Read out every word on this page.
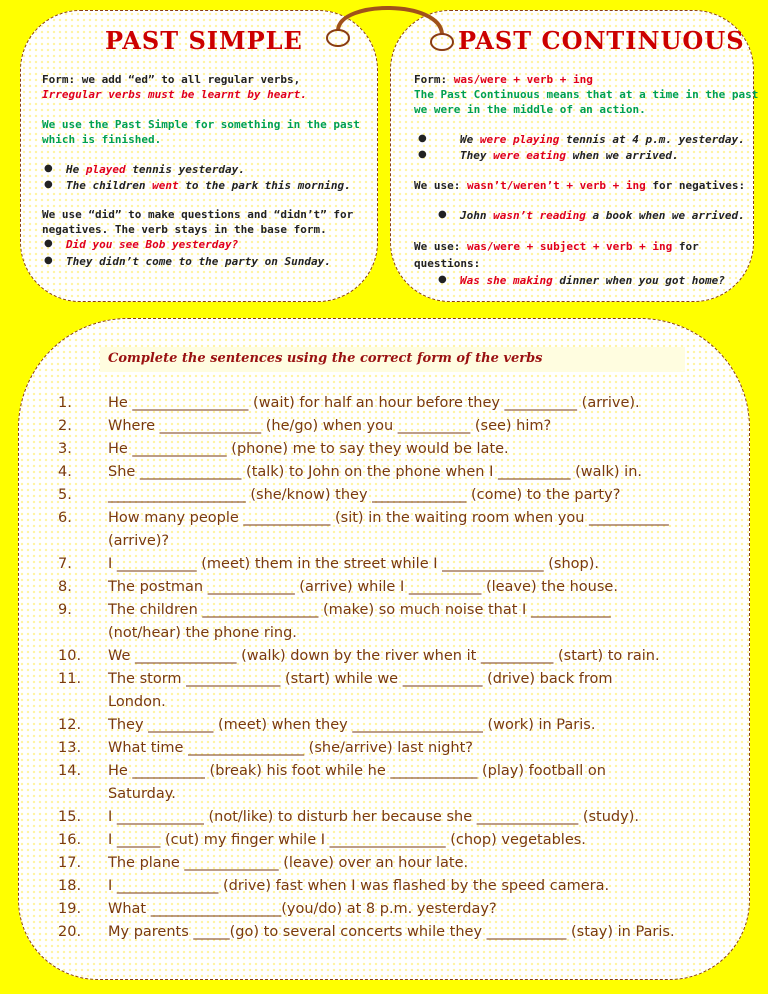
PAST SIMPLE	PAST CONTINUOUS
Form: we add “ed” to all regular verbs,
Irregular verbs must be learnt by heart.
We use the Past Simple for something in the past
which is finished.
● He played tennis yesterday.
● The children went to the park this morning.
We use “did” to make questions and “didn’t” for
negatives. The verb stays in the base form.
● Did you see Bob yesterday?
● They didn’t come to the party on Sunday.
Form: was/were + verb + ing
The Past Continuous means that at a time in the past
we were in the middle of an action.
●	We were playing tennis at 4 p.m. yesterday.
●	They were eating when we arrived.
We use: wasn’t/weren’t + verb + ing for negatives:
● John wasn’t reading a book when we arrived.
We use: was/were + subject + verb + ing for
questions:
● Was she making dinner when you got home?
Complete the sentences using the correct form of the verbs
1.	He ________________ (wait) for half an hour before they __________ (arrive).
2.	Where ______________ (he/go) when you __________ (see) him?
3.	He _____________ (phone) me to say they would be late.
4.	She ______________ (talk) to John on the phone when I __________ (walk) in.
5.	___________________ (she/know) they _____________ (come) to the party?
6.	How many people ____________ (sit) in the waiting room when you ___________
(arrive)?
7.	I ___________ (meet) them in the street while I ______________ (shop).
8.	The postman ____________ (arrive) while I __________ (leave) the house.
9.	The children ________________ (make) so much noise that I ___________
(not/hear) the phone ring.
10.	We ______________ (walk) down by the river when it __________ (start) to rain.
11.	The storm _____________ (start) while we ___________ (drive) back from
London.
12.	They _________ (meet) when they __________________ (work) in Paris.
13.	What time ________________ (she/arrive) last night?
14.	He __________ (break) his foot while he ____________ (play) football on
Saturday.
15.	I ____________ (not/like) to disturb her because she ______________ (study).
16.	I ______ (cut) my finger while I ________________ (chop) vegetables.
17.	The plane _____________ (leave) over an hour late.
18.	I ______________ (drive) fast when I was flashed by the speed camera.
19.	What __________________(you/do) at 8 p.m. yesterday?
20.	My parents _____(go) to several concerts while they ___________ (stay) in Paris.
